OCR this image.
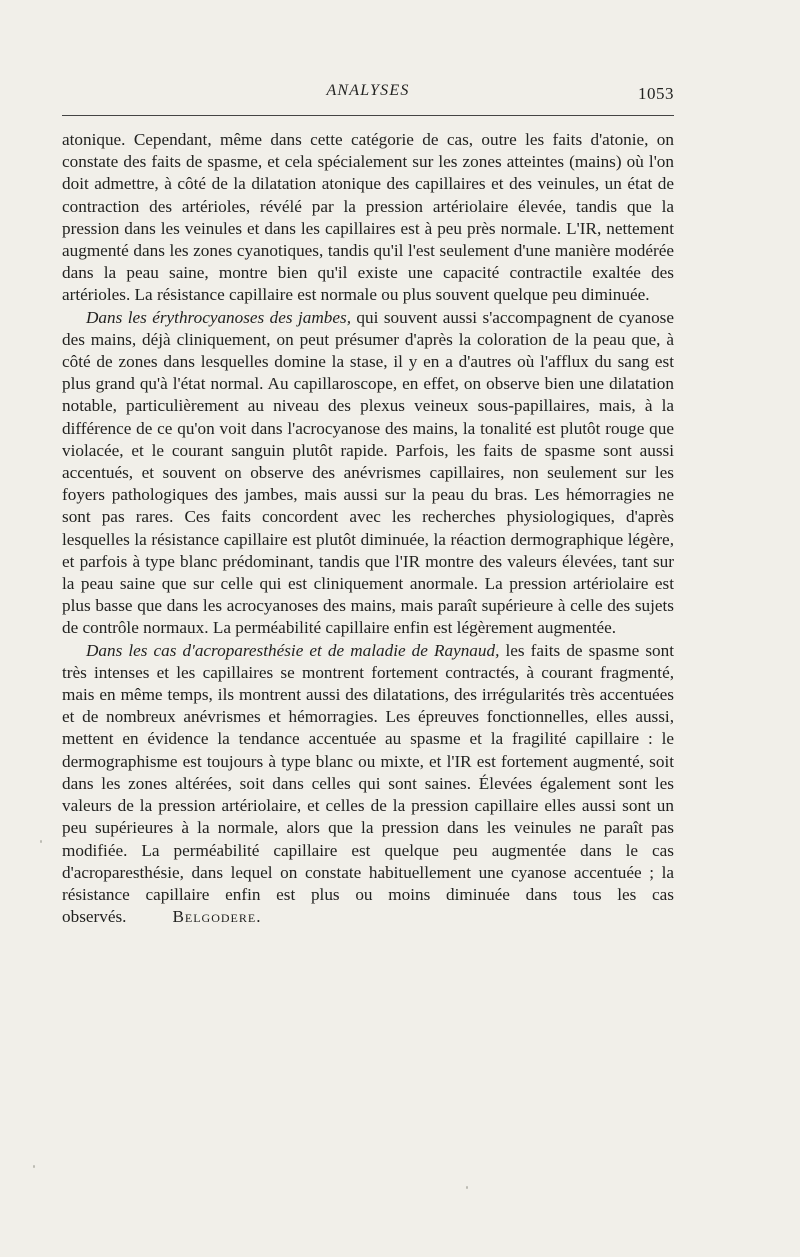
ANALYSES	1053

atonique. Cependant, même dans cette catégorie de cas, outre les faits d'atonie, on constate des faits de spasme, et cela spécialement sur les zones atteintes (mains) où l'on doit admettre, à côté de la dilatation atonique des capillaires et des veinules, un état de contraction des artérioles, révélé par la pression artériolaire élevée, tandis que la pression dans les veinules et dans les capillaires est à peu près normale. L'IR, nettement augmenté dans les zones cyanotiques, tandis qu'il l'est seulement d'une manière modérée dans la peau saine, montre bien qu'il existe une capacité contractile exaltée des artérioles. La résistance capillaire est normale ou plus souvent quelque peu diminuée.

Dans les érythrocyanoses des jambes, qui souvent aussi s'accompagnent de cyanose des mains, déjà cliniquement, on peut présumer d'après la coloration de la peau que, à côté de zones dans lesquelles domine la stase, il y en a d'autres où l'afflux du sang est plus grand qu'à l'état normal. Au capillaroscope, en effet, on observe bien une dilatation notable, particulièrement au niveau des plexus veineux sous-papillaires, mais, à la différence de ce qu'on voit dans l'acrocyanose des mains, la tonalité est plutôt rouge que violacée, et le courant sanguin plutôt rapide. Parfois, les faits de spasme sont aussi accentués, et souvent on observe des anévrismes capillaires, non seulement sur les foyers pathologiques des jambes, mais aussi sur la peau du bras. Les hémorragies ne sont pas rares. Ces faits concordent avec les recherches physiologiques, d'après lesquelles la résistance capillaire est plutôt diminuée, la réaction dermographique légère, et parfois à type blanc prédominant, tandis que l'IR montre des valeurs élevées, tant sur la peau saine que sur celle qui est cliniquement anormale. La pression artériolaire est plus basse que dans les acrocyanoses des mains, mais paraît supérieure à celle des sujets de contrôle normaux. La perméabilité capillaire enfin est légèrement augmentée.

Dans les cas d'acroparesthésie et de maladie de Raynaud, les faits de spasme sont très intenses et les capillaires se montrent fortement contractés, à courant fragmenté, mais en même temps, ils montrent aussi des dilatations, des irrégularités très accentuées et de nombreux anévrismes et hémorragies. Les épreuves fonctionnelles, elles aussi, mettent en évidence la tendance accentuée au spasme et la fragilité capillaire : le dermographisme est toujours à type blanc ou mixte, et l'IR est fortement augmenté, soit dans les zones altérées, soit dans celles qui sont saines. Élevées également sont les valeurs de la pression artériolaire, et celles de la pression capillaire elles aussi sont un peu supérieures à la normale, alors que la pression dans les veinules ne paraît pas modifiée. La perméabilité capillaire est quelque peu augmentée dans le cas d'acroparesthésie, dans lequel on constate habituellement une cyanose accentuée ; la résistance capillaire enfin est plus ou moins diminuée dans tous les cas observés.	Belgodere.
